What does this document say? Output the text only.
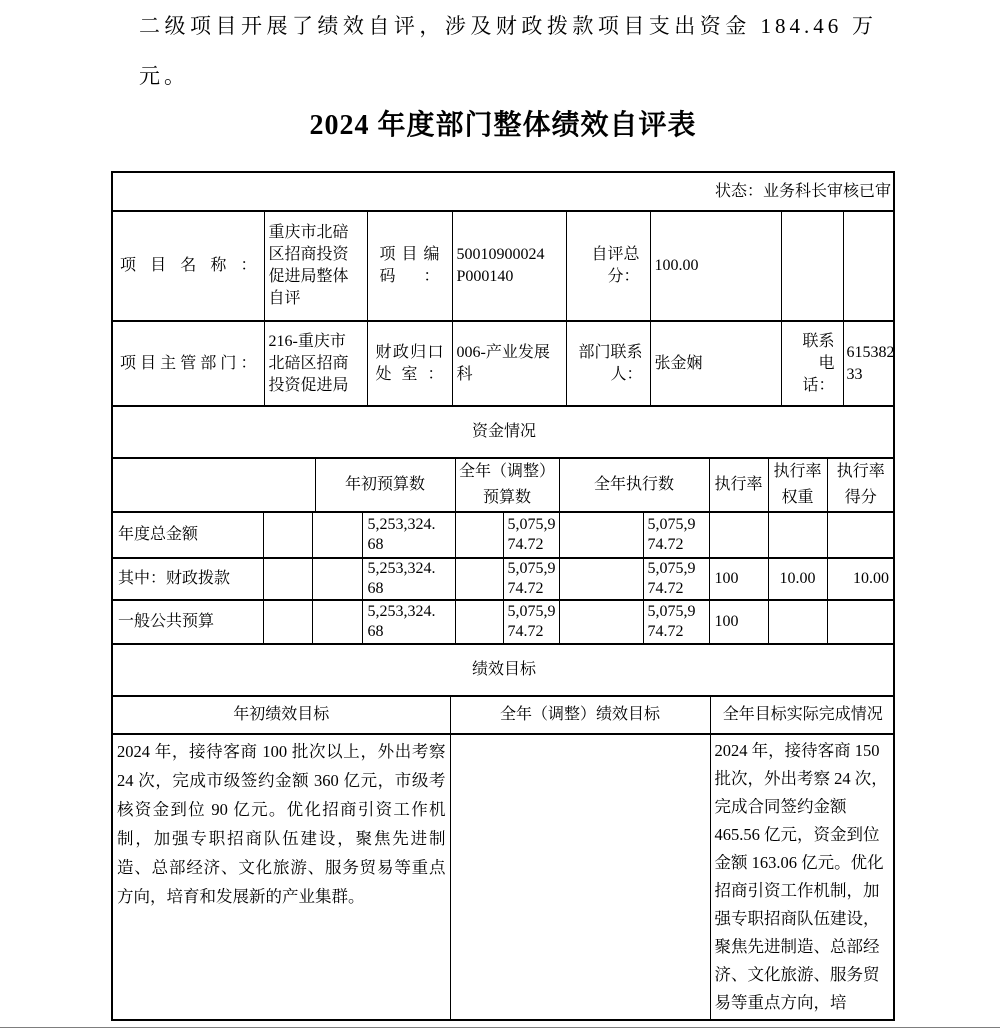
二级项目开展了绩效自评，涉及财政拨款项目支出资金 184.46 万元。
2024 年度部门整体绩效自评表
状态：业务科长审核已审
项目名称：	重庆市北碚区招商投资促进局整体自评	项目编码：	50010900024P000140	自评总分：	100.00		
项目主管部门：	216-重庆市北碚区招商投资促进局	财政归口处室：	006-产业发展科	部门联系人：	张金娴	联系电话：	61538233
资金情况
	年初预算数	全年（调整）预算数	全年执行数	执行率	执行率权重	执行率得分
年度总金额			5,253,324.68		5,075,974.72		5,075,974.72			
其中：财政拨款			5,253,324.68		5,075,974.72		5,075,974.72	100	10.00	10.00
一般公共预算			5,253,324.68		5,075,974.72		5,075,974.72	100		
绩效目标
年初绩效目标	全年（调整）绩效目标	全年目标实际完成情况
2024 年，接待客商 100 批次以上，外出考察 24 次，完成市级签约金额 360 亿元，市级考核资金到位 90 亿元。优化招商引资工作机制，加强专职招商队伍建设，聚焦先进制造、总部经济、文化旅游、服务贸易等重点方向，培育和发展新的产业集群。		2024 年，接待客商 150 批次，外出考察 24 次，完成合同签约金额 465.56 亿元，资金到位金额 163.06 亿元。优化招商引资工作机制，加强专职招商队伍建设，聚焦先进制造、总部经济、文化旅游、服务贸易等重点方向，培
